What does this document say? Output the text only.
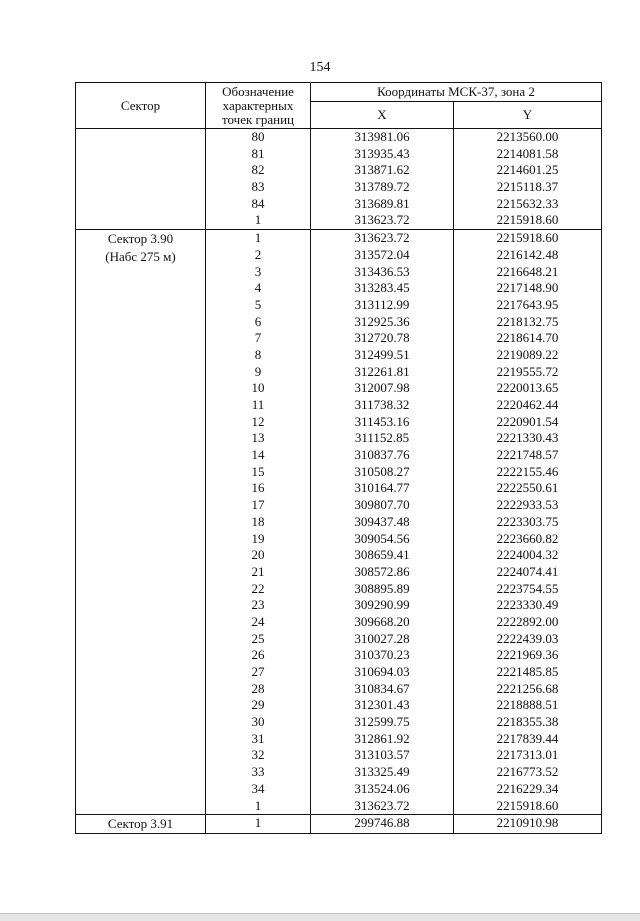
154
Сектор	Обозначение характерных точек границ	Координаты МСК-37, зона 2	
		X	Y
	80	313981.06	2213560.00
	81	313935.43	2214081.58
	82	313871.62	2214601.25
	83	313789.72	2215118.37
	84	313689.81	2215632.33
	1	313623.72	2215918.60

Сектор 3.90
(Набс 275 м)	1	313623.72	2215918.60
	2	313572.04	2216142.48
	3	313436.53	2216648.21
	4	313283.45	2217148.90
	5	313112.99	2217643.95
	6	312925.36	2218132.75
	7	312720.78	2218614.70
	8	312499.51	2219089.22
	9	312261.81	2219555.72
	10	312007.98	2220013.65
	11	311738.32	2220462.44
	12	311453.16	2220901.54
	13	311152.85	2221330.43
	14	310837.76	2221748.57
	15	310508.27	2222155.46
	16	310164.77	2222550.61
	17	309807.70	2222933.53
	18	309437.48	2223303.75
	19	309054.56	2223660.82
	20	308659.41	2224004.32
	21	308572.86	2224074.41
	22	308895.89	2223754.55
	23	309290.99	2223330.49
	24	309668.20	2222892.00
	25	310027.28	2222439.03
	26	310370.23	2221969.36
	27	310694.03	2221485.85
	28	310834.67	2221256.68
	29	312301.43	2218888.51
	30	312599.75	2218355.38
	31	312861.92	2217839.44
	32	313103.57	2217313.01
	33	313325.49	2216773.52
	34	313524.06	2216229.34
	1	313623.72	2215918.60

Сектор 3.91	1	299746.88	2210910.98
